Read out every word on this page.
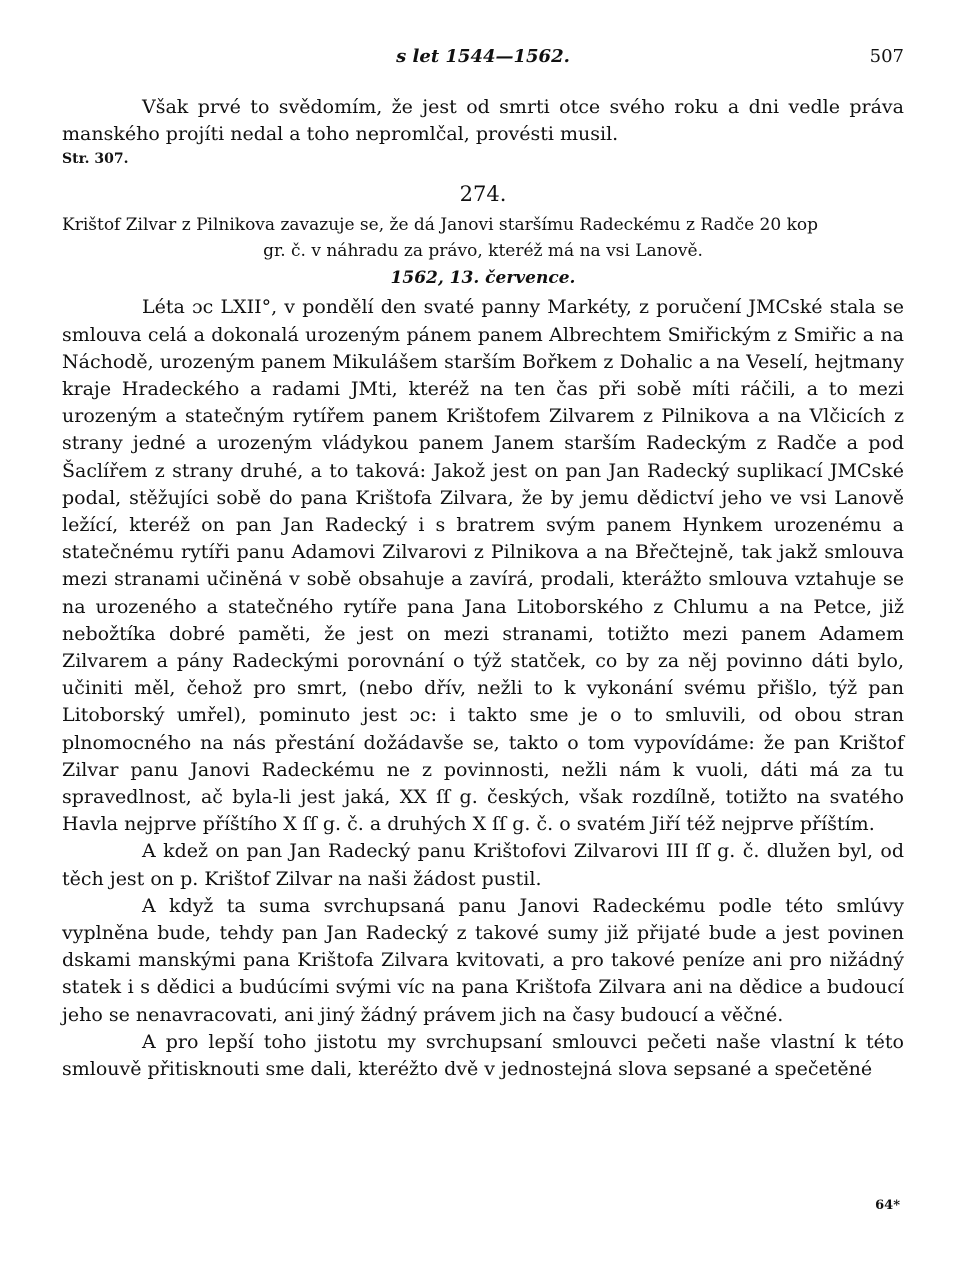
s let 1544—1562.	507

Však prvé to svědomím, že jest od smrti otce svého roku a dni vedle práva manského projíti nedal a toho nepromlčal, provésti musil.

Str. 307.

274.

Krištof Zilvar z Pilnikova zavazuje se, že dá Janovi staršímu Radeckému z Radče 20 kop
gr. č. v náhradu za právo, kteréž má na vsi Lanově.

1562, 13. července.

Léta ɔc LXII°, v pondělí den svaté panny Markéty, z poručení JMCské stala se smlouva celá a dokonalá urozeným pánem panem Albrechtem Smiřickým z Smiřic a na Náchodě, urozeným panem Mikulášem starším Bořkem z Dohalic a na Veselí, hejtmany kraje Hradeckého a radami JMti, kteréž na ten čas při sobě míti ráčili, a to mezi urozeným a statečným rytířem panem Krištofem Zilvarem z Pilnikova a na Vlčicích z strany jedné a urozeným vládykou panem Janem starším Radeckým z Radče a pod Šaclířem z strany druhé, a to taková: Jakož jest on pan Jan Radecký suplikací JMCské podal, stěžujíci sobě do pana Krištofa Zilvara, že by jemu dědictví jeho ve vsi Lanově ležící, kteréž on pan Jan Radecký i s bratrem svým panem Hynkem urozenému a statečnému rytíři panu Adamovi Zilvarovi z Pilnikova a na Břečtejně, tak jakž smlouva mezi stranami učiněná v sobě obsahuje a zavírá, prodali, kterážto smlouva vztahuje se na urozeného a statečného rytíře pana Jana Litoborského z Chlumu a na Petce, již nebožtíka dobré paměti, že jest on mezi stranami, totižto mezi panem Adamem Zilvarem a pány Radeckými porovnání o týž statček, co by za něj povinno dáti bylo, učiniti měl, čehož pro smrt, (nebo dřív, nežli to k vykonání svému přišlo, týž pan Litoborský umřel), pominuto jest ɔc: i takto sme je o to smluvili, od obou stran plnomocného na nás přestání dožádavše se, takto o tom vypovídáme: že pan Krištof Zilvar panu Janovi Radeckému ne z povinnosti, nežli nám k vuoli, dáti má za tu spravedlnost, ač byla-li jest jaká, XX ſſ g. českých, však rozdílně, totižto na svatého Havla nejprve příštího X ſſ g. č. a druhých X ſſ g. č. o svatém Jiří též nejprve příštím.

A kdež on pan Jan Radecký panu Krištofovi Zilvarovi III ſſ g. č. dlužen byl, od těch jest on p. Krištof Zilvar na naši žádost pustil.

A když ta suma svrchupsaná panu Janovi Radeckému podle této smlúvy vyplněna bude, tehdy pan Jan Radecký z takové sumy již přijaté bude a jest povinen dskami manskými pana Krištofa Zilvara kvitovati, a pro takové peníze ani pro nižádný statek i s dědici a budúcími svými víc na pana Krištofa Zilvara ani na dědice a budoucí jeho se nenavracovati, ani jiný žádný právem jich na časy budoucí a věčné.

A pro lepší toho jistotu my svrchupsaní smlouvci pečeti naše vlastní k této smlouvě přitisknouti sme dali, kteréžto dvě v jednostejná slova sepsané a spečetěné

64*
